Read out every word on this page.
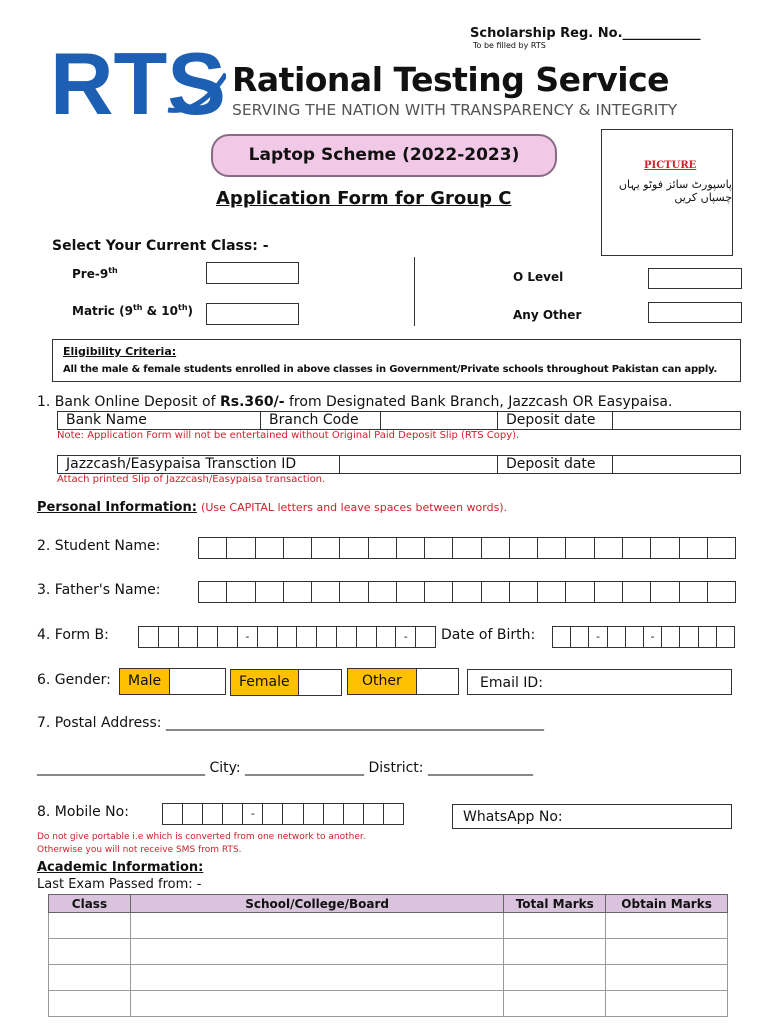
Scholarship Reg. No.____________
To be filled by RTS
RTS Rational Testing Service
SERVING THE NATION WITH TRANSPARENCY & INTEGRITY
Laptop Scheme (2022-2023)
Application Form for Group C
PICTURE
پاسپورٹ سائز فوٹو یہاں چسپاں کریں
Select Your Current Class: -
Pre-9th
Matric (9th & 10th)
O Level
Any Other
Eligibility Criteria:
All the male & female students enrolled in above classes in Government/Private schools throughout Pakistan can apply.
1. Bank Online Deposit of Rs.360/- from Designated Bank Branch, Jazzcash OR Easypaisa.
Bank Name	Branch Code	Deposit date
Note: Application Form will not be entertained without Original Paid Deposit Slip (RTS Copy).
Jazzcash/Easypaisa Transction ID	Deposit date
Attach printed Slip of Jazzcash/Easypaisa transaction.
Personal Information: (Use CAPITAL letters and leave spaces between words).
2. Student Name:
3. Father's Name:
4. Form B:	-	-	Date of Birth:	-	-
6. Gender:	Male	Female	Other	Email ID:
7. Postal Address: ______________________________________________________
________________________ City: _________________ District: _______________
8. Mobile No:	-	WhatsApp No:
Do not give portable i.e which is converted from one network to another.
Otherwise you will not receive SMS from RTS.
Academic Information:
Last Exam Passed from: -
Class	School/College/Board	Total Marks	Obtain Marks
